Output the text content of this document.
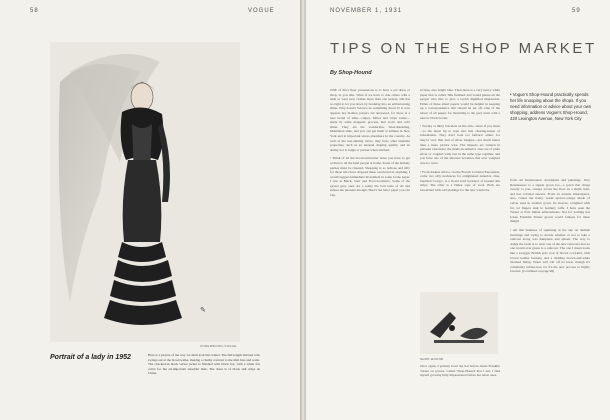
58	VOGUE
✎
UNDERWOOD-VOGUE
Portrait of a lady in 1952	Here is a picture of the way we shall look this winter. The full-length tailored robe swings out at the broad walks, making a chalky contrast to the slim bias and waist. The checked-in black velvet jacket is finished with black fox, with a white fox collar for the all-important shoulder bulk. The dress is of black silk crêpe de Chine.
NOVEMBER 1, 1931	59
TIPS ON THE SHOP MARKET
By Shop-Hound

ONE of life's finer possessions is to have a pet dress or shop, as you like. What if we have to risk others with a dash or wear new clothes more than one season, silk has no right to let you down by breaking into an embarrassing shine. Why doesn't Science do something about it? It now appears my maiden prayers are answered, for there is a new brand of silks—crêpes, failles and crêpe satins—made by some magnetic process, that won't and can't shine. They are the wonderless, Wear-Resisting, Manhattan silks, and you can get them at Altman in New York and at important stores elsewhere in the country. As well as the non-shining virtue, they have other laudable properties, such as an unusual draping quality, and an ability not to bulge or pucker when stitched.

• Think of all the broad-and-butter notes you have to get written to all the kind people at home. Some of the holiday parties must be cheated. Shopping is so tedious and silly for those who have dropped these overboard as anything, I would suggest immediate investment in some Crane paper. I saw at Black, Starr and Frost-Gorham's. Some of the gayest grey ones are a really the best taste of all and strikes me pleasant enough. Here's the letter paper you can buy.

in blue, also bright blue. Then there is a very heavy white paper that is called 'Silk finished' and would please all the people who like to give a lavish dignified impression. Either of these smart papers would be helpful in keeping up a correspondence that should be set off. One of the nicest of all papers for mourning is the grey lawn with a narrow black border.

• Twenty or thirty bracelets on the arm—more if you insist—is the latest tip to type into this clearing-house of information. They don't look too barbaric either, for they're very thin and of silver bangles—not much better than a mere picture wire. The impacts are twisted in pleasant variations; the made-in-America ones are of plain silver or coupled with, but in the same type together, and you have one of the smartest novelties that ever weighed down a wrist.

• From darkest Africa, via the French Colonial Exposition, come two silly necklaces for enlightened America. One, baptized 'Congo', is a broad scarf necklace of beaded silk strips. The other is a Dakar rope of wool. Both are bewitched with odd plaitings for the new wardrobe.

• Vogue's Shop-Hound practically spends her life snooping about the shops. If you need information or advice about your own shopping, address Vogue's Shop-Hound, 420 Lexington Avenue, New York City
SHOP-HOUND

Once again, I politely bowl my hat before Jessie Franklin Turner on gowns. Called 'Shop-Hound' that I am, I find myself growing fully impassioned before her latest ones.

from old Renaissance documents and paintings. Very Renaissance is a supple gown too—a gown that clings closely to you, sweeps across the floor in a slight train, and has colonial sleeves. From an ancient masterpiece, also, comes the fruity, warm apricot-orange shade of velvet used in another gown. Its sleeves, weighted with fur, let fingers sink in feathery ruffs. I have seen the Turner at East Indian embroideries. Not for nothing has Jessie Franklin Turner grown world famous for these things!

• All this business of squinting at the sky on darkish mornings and trying to decide whether or not to take a raincoat along was dampness and spleen. The way to dodge the issue is to wear one of the new raincoats that no one would ever guess is a raincoat. The one I mean looks like a swagger British polo coat of brown cord-knit, with brown leather buttons, and a thrilling brown-and-white checked lining. Water will roll off its back, though it's completely rubber-less, for it's the new process so highly favored. (Continued on page 96)
